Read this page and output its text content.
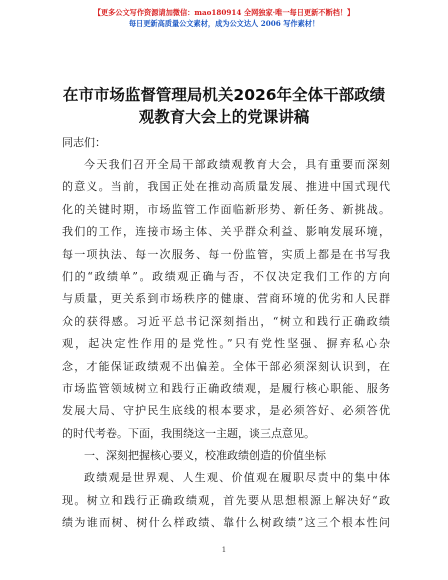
【更多公文写作资源请加微信：mao180914 全网独家·唯一每日更新不断档！】
每日更新高质量公文素材，成为公文达人 2006 写作素材！
在市市场监督管理局机关2026年全体干部政绩
观教育大会上的党课讲稿
同志们：
今天我们召开全局干部政绩观教育大会，具有重要而深刻
的意义。当前，我国正处在推动高质量发展、推进中国式现代
化的关键时期，市场监管工作面临新形势、新任务、新挑战。
我们的工作，连接市场主体、关乎群众利益、影响发展环境，
每一项执法、每一次服务、每一份监管，实质上都是在书写我
们的“政绩单”。政绩观正确与否，不仅决定我们工作的方向
与质量，更关系到市场秩序的健康、营商环境的优劣和人民群
众的获得感。习近平总书记深刻指出，“树立和践行正确政绩
观，起决定性作用的是党性。”只有党性坚强、摒弃私心杂
念，才能保证政绩观不出偏差。全体干部必须深刻认识到，在
市场监管领域树立和践行正确政绩观，是履行核心职能、服务
发展大局、守护民生底线的根本要求，是必须答好、必须答优
的时代考卷。下面，我围绕这一主题，谈三点意见。
一、深刻把握核心要义，校准政绩创造的价值坐标
政绩观是世界观、人生观、价值观在履职尽责中的集中体
现。树立和践行正确政绩观，首先要从思想根源上解决好“政
绩为谁而树、树什么样政绩、靠什么树政绩”这三个根本性问
1
